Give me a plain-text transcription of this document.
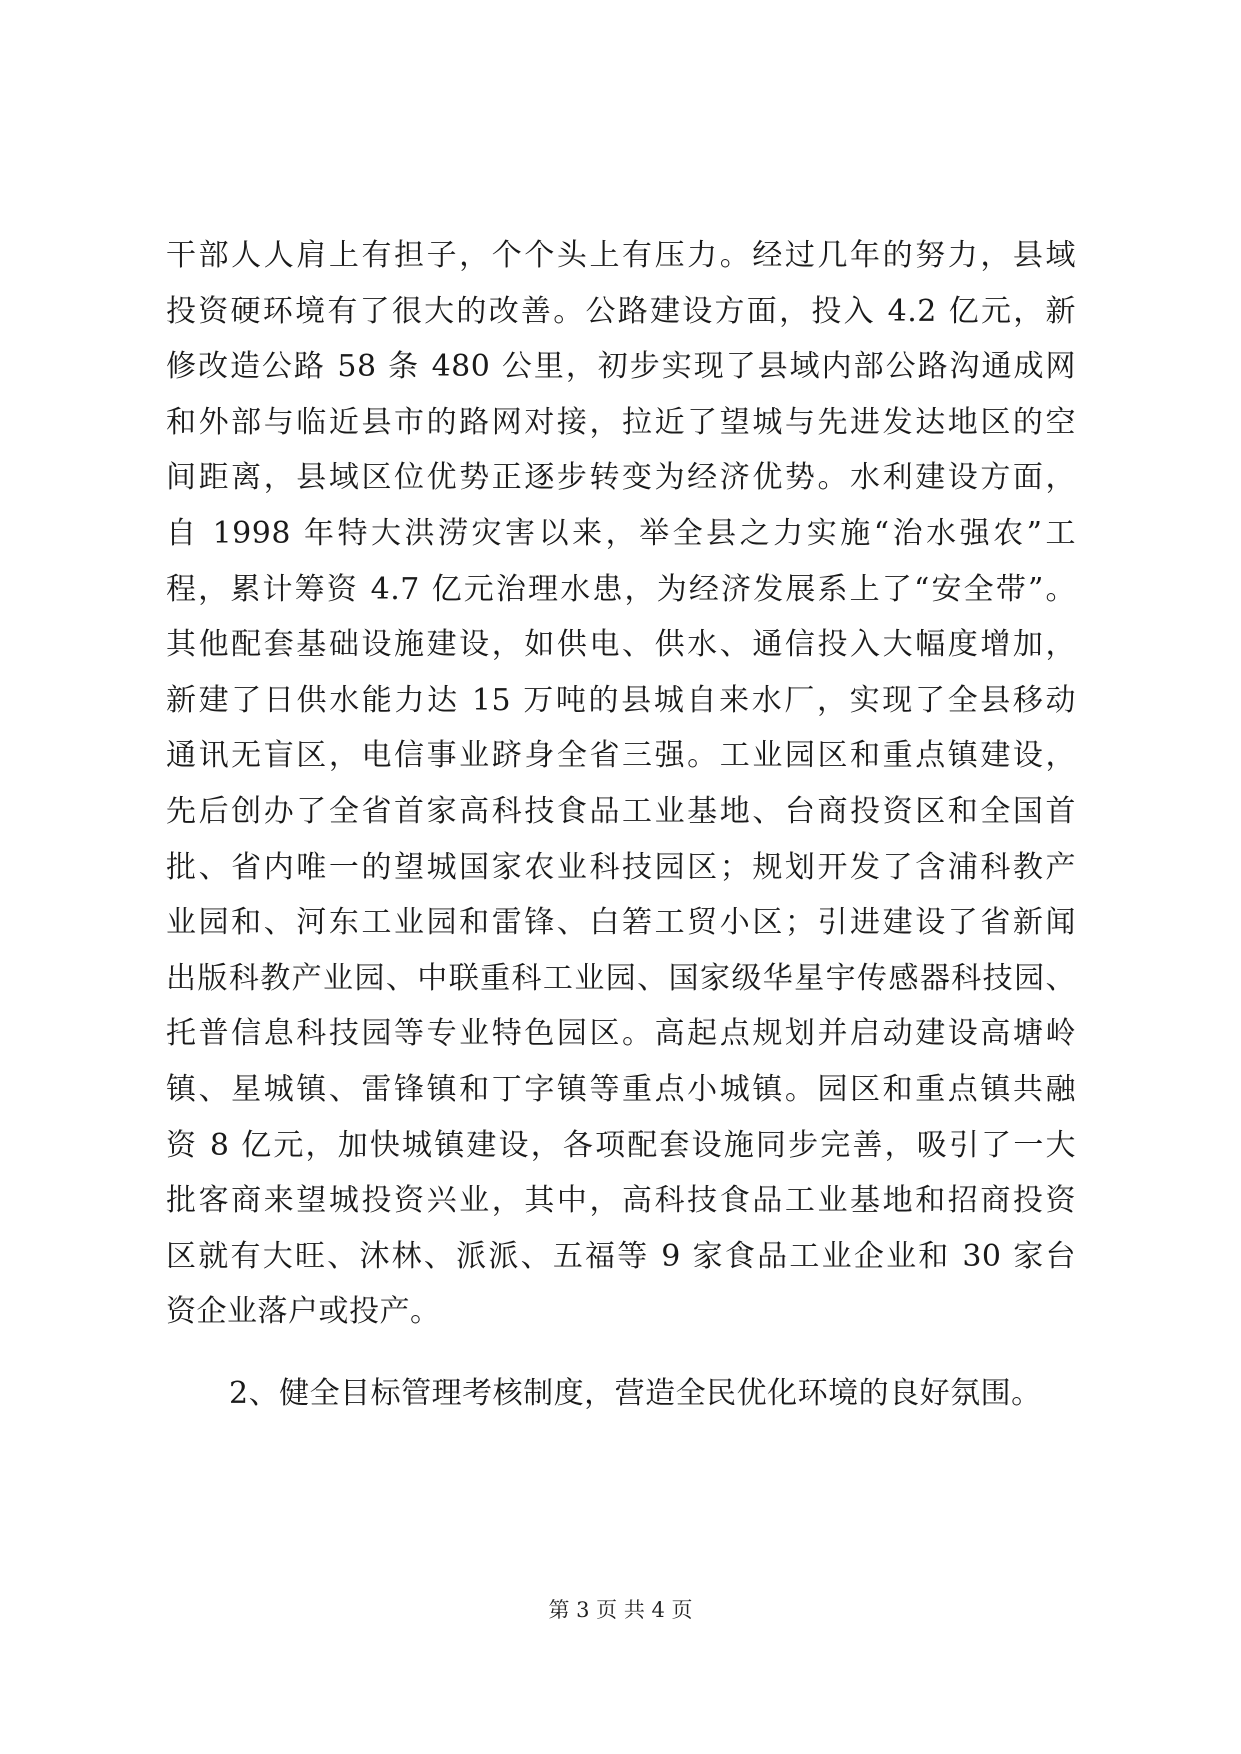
干部人人肩上有担子，个个头上有压力。经过几年的努力，县域
投资硬环境有了很大的改善。公路建设方面，投入 4.2 亿元，新
修改造公路 58 条 480 公里，初步实现了县域内部公路沟通成网
和外部与临近县市的路网对接，拉近了望城与先进发达地区的空
间距离，县域区位优势正逐步转变为经济优势。水利建设方面，
自 1998 年特大洪涝灾害以来，举全县之力实施“治水强农”工
程，累计筹资 4.7 亿元治理水患，为经济发展系上了“安全带”。
其他配套基础设施建设，如供电、供水、通信投入大幅度增加，
新建了日供水能力达 15 万吨的县城自来水厂，实现了全县移动
通讯无盲区，电信事业跻身全省三强。工业园区和重点镇建设，
先后创办了全省首家高科技食品工业基地、台商投资区和全国首
批、省内唯一的望城国家农业科技园区；规划开发了含浦科教产
业园和、河东工业园和雷锋、白箬工贸小区；引进建设了省新闻
出版科教产业园、中联重科工业园、国家级华星宇传感器科技园、
托普信息科技园等专业特色园区。高起点规划并启动建设高塘岭
镇、星城镇、雷锋镇和丁字镇等重点小城镇。园区和重点镇共融
资 8 亿元，加快城镇建设，各项配套设施同步完善，吸引了一大
批客商来望城投资兴业，其中，高科技食品工业基地和招商投资
区就有大旺、沐林、派派、五福等 9 家食品工业企业和 30 家台
资企业落户或投产。
2、健全目标管理考核制度，营造全民优化环境的良好氛围。
第 3 页 共 4 页
